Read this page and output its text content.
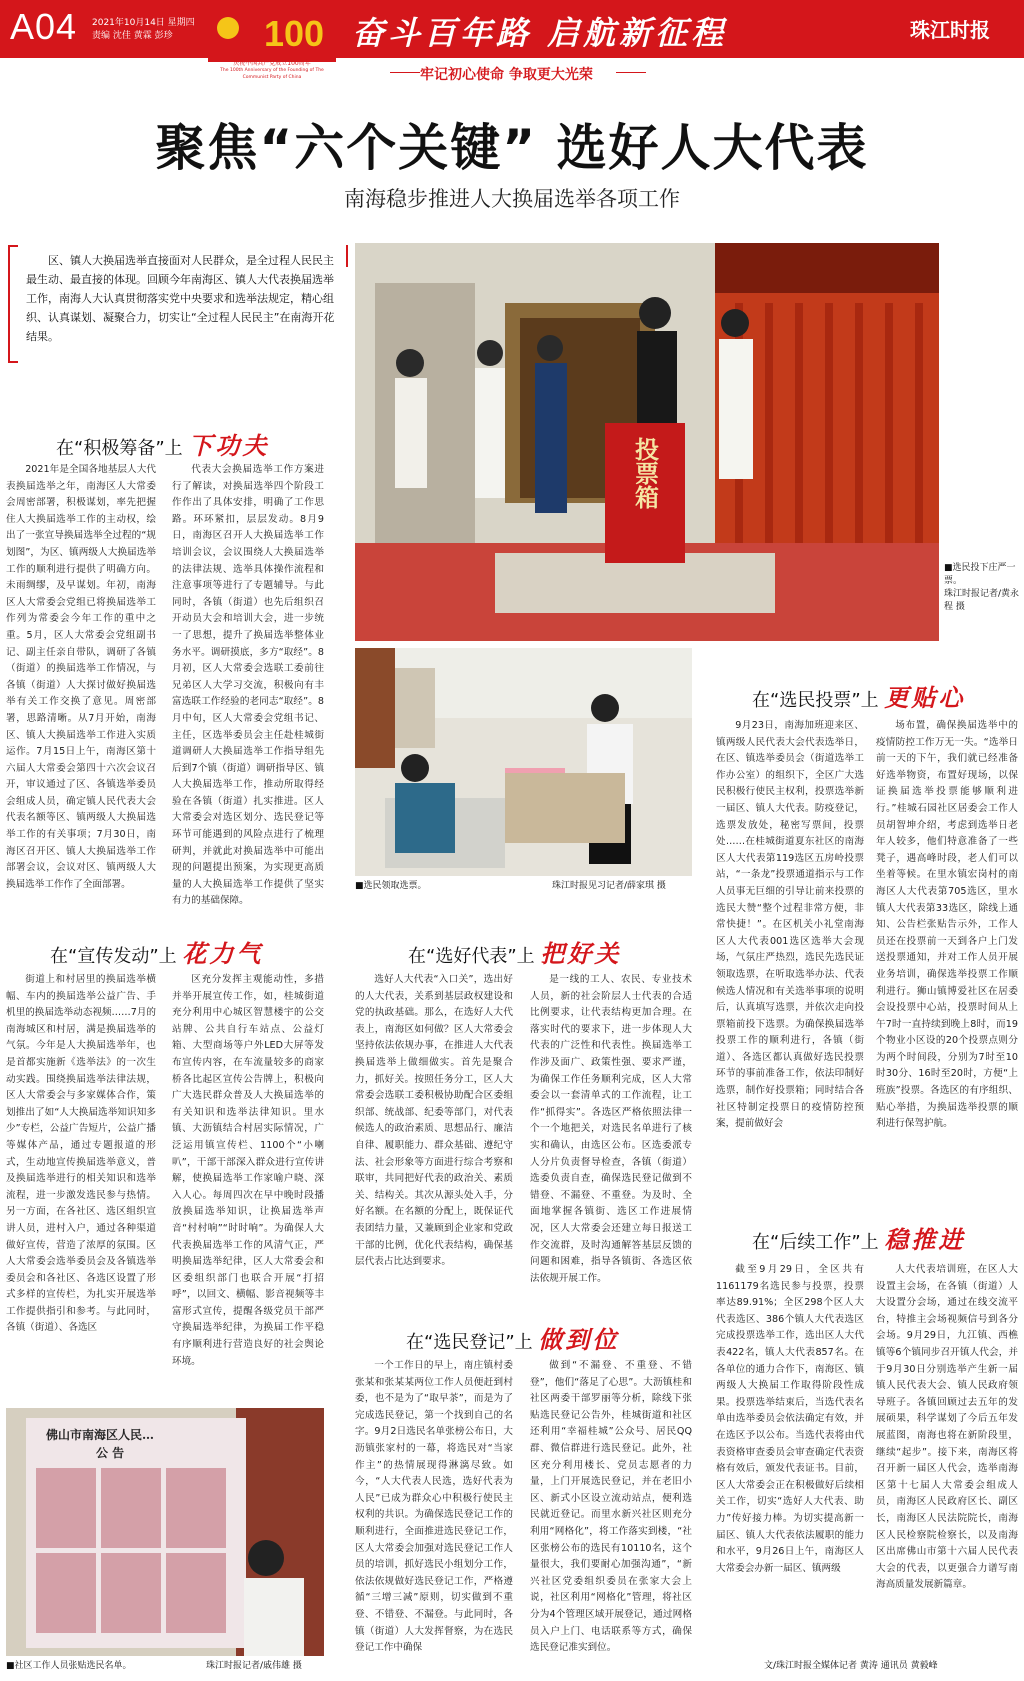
A04 2021年10月14日 星期四
责编 沈佳 黄霖 彭珍	100
庆祝中国共产党成立100周年
The 100th Anniversary of the Founding of The Communist Party of China
奋斗百年路 启航新征程	珠江时报
牢记初心使命 争取更大光荣
聚焦“六个关键” 选好人大代表
南海稳步推进人大换届选举各项工作
区、镇人大换届选举直接面对人民群众，是全过程人民民主最生动、最直接的体现。回顾今年南海区、镇人大代表换届选举工作，南海人大认真贯彻落实党中央要求和选举法规定，精心组织、认真谋划、凝聚合力，切实让“全过程人民民主”在南海开花结果。
投票箱
■选民投下庄严一票。
珠江时报记者/黄永程 摄
■选民领取选票。	珠江时报见习记者/薛家琪 摄
佛山市南海区人民…
公 告
■社区工作人员张贴选民名单。	珠江时报记者/戚伟雄 摄
在“积极筹备”上 下功夫
在“宣传发动”上 花力气	在“选好代表”上 把好关
在“选民登记”上 做到位
在“选民投票”上 更贴心
在“后续工作”上 稳推进

2021年是全国各地基层人大代表换届选举之年，南海区人大常委会周密部署，积极谋划，率先把握住人大换届选举工作的主动权，绘出了一张宣导换届选举全过程的“规划图”，为区、镇两级人大换届选举工作的顺利进行提供了明确方向。未雨绸缪，及早谋划。年初，南海区人大常委会党组已将换届选举工作列为常委会今年工作的重中之重。5月，区人大常委会党组副书记、副主任亲自带队，调研了各镇（街道）的换届选举工作情况，与各镇（街道）人大探讨做好换届选举有关工作交换了意见。周密部署，思路清晰。从7月开始，南海区、镇人大换届选举工作进入实质运作。7月15日上午，南海区第十六届人大常委会第四十六次会议召开，审议通过了区、各镇选举委员会组成人员，确定镇人民代表大会代表名额等区、镇两级人大换届选举工作的有关事项；7月30日，南海区召开区、镇人大换届选举工作部署会议，会议对区、镇两级人大换届选举工作作了全面部署。

代表大会换届选举工作方案进行了解读，对换届选举四个阶段工作作出了具体安排，明确了工作思路。环环紧扣，层层发动。8月9日，南海区召开人大换届选举工作培训会议，会议围绕人大换届选举的法律法规、选举具体操作流程和注意事项等进行了专题辅导。与此同时，各镇（街道）也先后组织召开动员大会和培训大会，进一步统一了思想，提升了换届选举整体业务水平。调研摸底，多方“取经”。8月初，区人大常委会选联工委前往兄弟区人大学习交流，积极向有丰富选联工作经验的老同志“取经”。8月中旬，区人大常委会党组书记、主任，区选举委员会主任赴桂城街道调研人大换届选举工作指导组先后到7个镇（街道）调研指导区、镇人大换届选举工作，推动所取得经验在各镇（街道）扎实推进。区人大常委会对选区划分、选民登记等环节可能遇到的风险点进行了梳理研判，并就此对换届选举中可能出现的问题提出预案，为实现更高质量的人大换届选举工作提供了坚实有力的基础保障。

街道上和村居里的换届选举横幅、车内的换届选举公益广告、手机里的换届选举动态视频……7月的南海城区和村居，满是换届选举的气氛。今年是人大换届选举年，也是首都实施新《选举法》的一次生动实践。围绕换届选举法律法规，区人大常委会与多家媒体合作，策划推出了如“人大换届选举知识知多少”专栏，公益广告短片，公益广播等媒体产品，通过专题报道的形式，生动地宣传换届选举意义，普及换届选举进行的相关知识和选举流程，进一步激发选民参与热情。另一方面，在各社区、选区组织宣讲人员，进村入户，通过各种渠道做好宣传，营造了浓厚的氛围。区人大常委会选举委员会及各镇选举委员会和各社区、各选区设置了形式多样的宣传栏，为扎实开展选举工作提供指引和参考。与此同时，各镇（街道）、各选区

区充分发挥主观能动性，多措并举开展宣传工作，如，桂城街道充分利用中心城区智慧楼宇的公交站牌、公共自行车站点、公益灯箱、大型商场等户外LED大屏等发布宣传内容，在车流量较多的商家桥各比起区宣传公告牌上，积极向广大选民群众普及人大换届选举的有关知识和选举法律知识。里水镇、大沥镇结合村居实际情况，广泛运用镇宣传栏、1100个“小喇叭”，干部干部深入群众进行宣传讲解，使换届选举工作家喻户晓、深入人心。每周四次在早中晚时段播放换届选举知识，让换届选举声音“村村响”“时时响”。为确保人大代表换届选举工作的风清气正，严明换届选举纪律，区人大常委会和区委组织部门也联合开展“打招呼”，以回文、横幅、影音视频等丰富形式宣传，提醒各级党员干部严守换届选举纪律，为换届工作平稳有序顺利进行营造良好的社会舆论环境。

选好人大代表“入口关”，选出好的人大代表，关系到基层政权建设和党的执政基础。那么，在选好人大代表上，南海区如何做？区人大常委会坚持依法依规办事，在推进人大代表换届选举上做细做实。首先是聚合力，抓好关。按照任务分工，区人大常委会选联工委积极协助配合区委组织部、统战部、纪委等部门，对代表候选人的政治素质、思想品行、廉洁自律、履职能力、群众基础、遵纪守法、社会形象等方面进行综合考察和联审，共同把好代表的政治关、素质关、结构关。其次从源头处入手，分好名额。在名额的分配上，既保证代表团结力量，又兼顾到企业家和党政干部的比例，优化代表结构，确保基层代表占比达到要求。

是一线的工人、农民、专业技术人员，新的社会阶层人士代表的合适比例要求，让代表结构更加合理。在落实时代的要求下，进一步体现人大代表的广泛性和代表性。换届选举工作涉及面广、政策性强、要求严谨，为确保工作任务顺利完成，区人大常委会以一套清单式的工作流程，让工作“抓得实”。各选区严格依照法律一个一个地把关，对选民名单进行了核实和确认，由选区公布。区选委派专人分片负责督导检查，各镇（街道）选委负责自查，确保选民登记做到不错登、不漏登、不重登。为及时、全面地掌握各镇街、选区工作进展情况，区人大常委会还建立每日报送工作交流群，及时沟通解答基层反馈的问题和困难，指导各镇街、各选区依法依规开展工作。

一个工作日的早上，南庄镇村委张某和张某某两位工作人员便赶到村委，也不是为了“取早茶”，而是为了完成选民登记，第一个找到自己的名字。9月2日选民名单张榜公布日，大沥镇张家村的一幕，将选民对“当家作主”的热情展现得淋漓尽致。如今，“人大代表人民选，选好代表为人民”已成为群众心中积极行使民主权利的共识。为确保选民登记工作的顺利进行，全面推进选民登记工作，区人大常委会加强对选民登记工作人员的培训，抓好选民小组划分工作，依法依规做好选民登记工作，严格遵循“三增三减”原则，切实做到不重登、不错登、不漏登。与此同时，各镇（街道）人大发挥督察，为在选民登记工作中确保

做到“不漏登、不重登、不错登”，他们“落足了心思”。大沥镇桂和社区两委干部罗丽等分析，除线下张贴选民登记公告外，桂城街道和社区还利用“幸福桂城”公众号、居民QQ群、微信群进行选民登记。此外，社区充分利用楼长、党员志愿者的力量，上门开展选民登记，并在老旧小区、新式小区设立流动站点，便利选民就近登记。而里水新兴社区则充分利用“网格化”，将工作落实到楼，“社区张榜公布的选民有10110名，这个量很大，我们要耐心加强沟通”，“新兴社区党委组织委员在张家大会上说，社区利用“网格化”管理，将社区分为4个管理区域开展登记，通过网格员入户上门、电话联系等方式，确保选民登记准实到位。

9月23日，南海加班迎来区、镇两级人民代表大会代表选举日，在区、镇选举委员会（街道选举工作办公室）的组织下，全区广大选民积极行使民主权利，投票选举新一届区、镇人大代表。防疫登记，选票发放处，秘密写票间，投票处……在桂城街道夏东社区的南海区人大代表第119选区五房岭投票站，“一条龙”投票通道指示与工作人员事无巨细的引导让前来投票的选民大赞“整个过程非常方便，非常快捷！”。在区机关小礼堂南海区人大代表001选区选举大会现场，气氛庄严热烈，选民先选民证领取选票，在听取选举办法、代表候选人情况和有关选举事项的说明后，认真填写选票，并依次走向投票箱前投下选票。为确保换届选举投票工作的顺利进行，各镇（街道）、各选区都认真做好选民投票环节的事前准备工作，依法印制好选票，制作好投票箱；同时结合各社区特制定投票日的疫情防控预案，提前做好会

场布置，确保换届选举中的疫情防控工作万无一失。“选举日前一天的下午，我们就已经准备好选举物资，布置好现场，以保证换届选举投票能够顺利进行。”桂城石园社区居委会工作人员胡智坤介绍，考虑到选举日老年人较多，他们特意准备了一些凳子，遇高峰时段，老人们可以坐着等候。在里水镇宏岗村的南海区人大代表第705选区，里水镇人大代表第33选区，除线上通知、公告栏张贴告示外，工作人员还在投票前一天到各户上门发送投票通知，并对工作人员开展业务培训，确保选举投票工作顺利进行。狮山镇博爱社区在居委会设投票中心站，投票时间从上午7时一直持续到晚上8时，而19个物业小区设的20个投票点则分为两个时间段，分别为7时至10时30分、16时至20时，方便“上班族”投票。各选区的有序组织、贴心举措，为换届选举投票的顺利进行保驾护航。

截至9月29日，全区共有1161179名选民参与投票，投票率达89.91%；全区298个区人大代表选区、386个镇人大代表选区完成投票选举工作，选出区人大代表422名，镇人大代表857名。在各单位的通力合作下，南海区、镇两级人大换届工作取得阶段性成果。投票选举结束后，当选代表名单由选举委员会依法确定有效，并在选区予以公布。当选代表将由代表资格审查委员会审查确定代表资格有效后，颁发代表证书。目前，区人大常委会正在积极做好后续相关工作，切实“选好人大代表、助力”传好接力棒。为切实提高新一届区、镇人大代表依法履职的能力和水平，9月26日上午，南海区人大常委会办新一届区、镇两级

人大代表培训班，在区人大设置主会场，在各镇（街道）人大设置分会场，通过在线交流平台，特推主会场视频信号到各分会场。9月29日，九江镇、西樵镇等6个镇同步召开镇人代会，并于9月30日分别选举产生新一届镇人民代表大会、镇人民政府领导班子。各镇回顾过去五年的发展硕果，科学谋划了今后五年发展蓝图，南海也将在新阶段里，继续“起步”。接下来，南海区将召开新一届区人代会，选举南海区第十七届人大常委会组成人员，南海区人民政府区长、副区长，南海区人民法院院长，南海区人民检察院检察长，以及南海区出席佛山市第十六届人民代表大会的代表，以更强合力谱写南海高质量发展新篇章。

文/珠江时报全媒体记者 黄涛 通讯员 黄毅峰
